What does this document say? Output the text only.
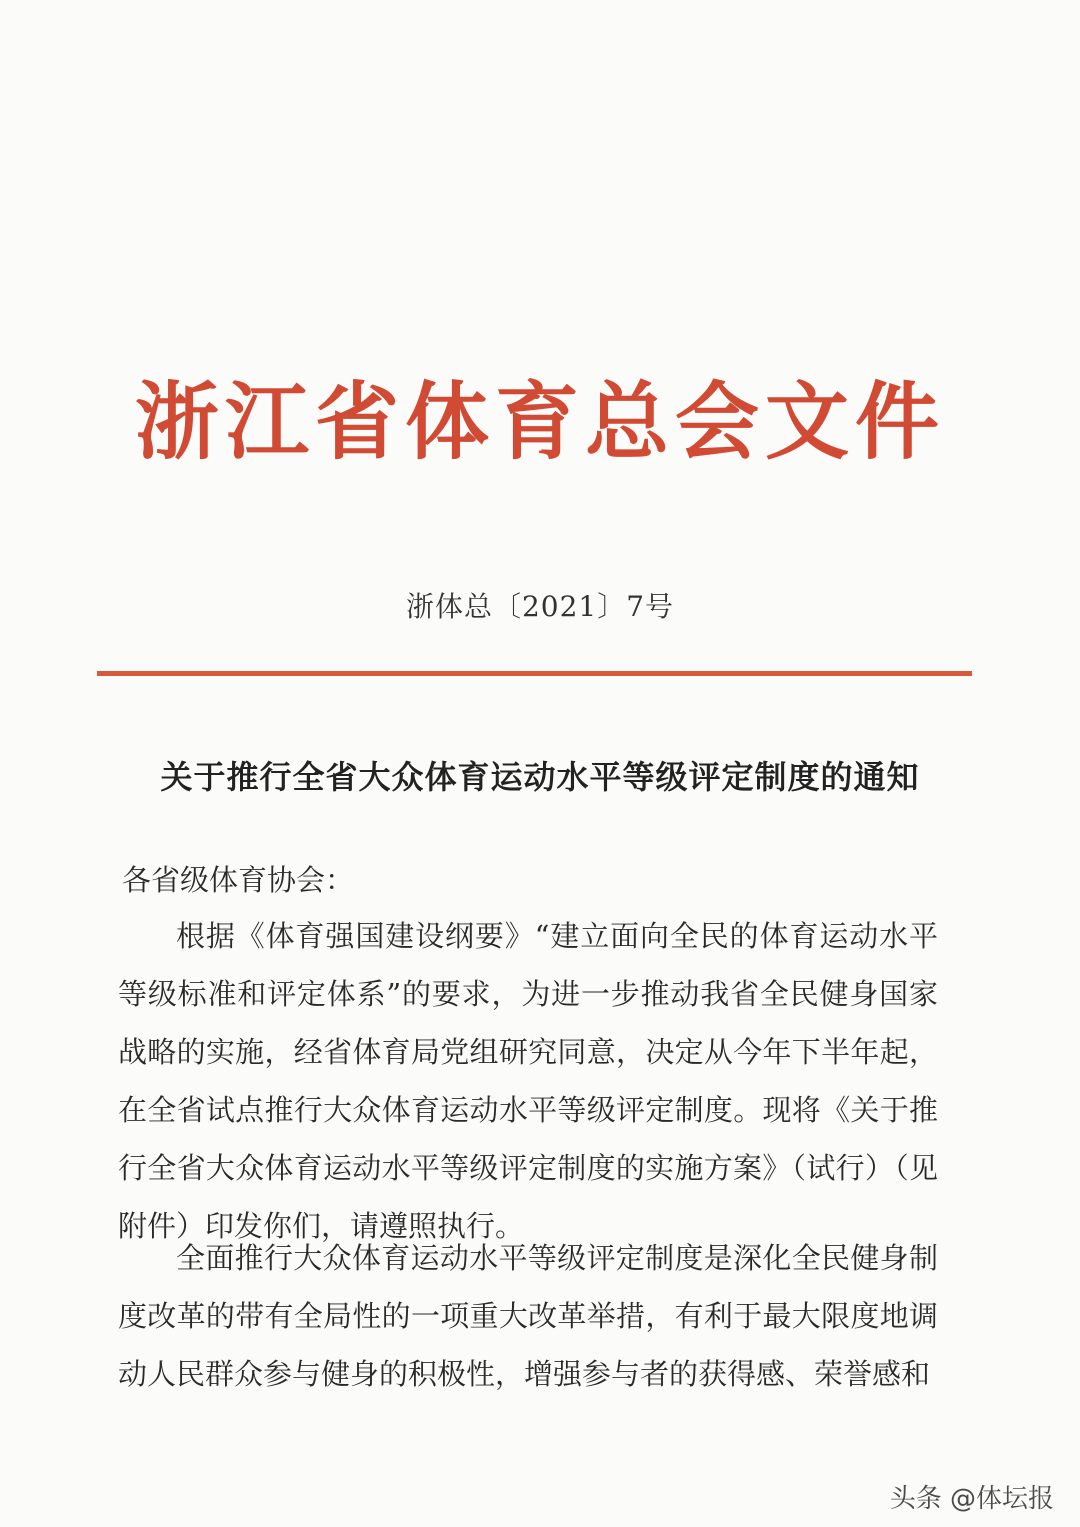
浙江省体育总会文件
浙体总〔2021〕7号
关于推行全省大众体育运动水平等级评定制度的通知
各省级体育协会：

根据《体育强国建设纲要》“建立面向全民的体育运动水平等级标准和评定体系”的要求，为进一步推动我省全民健身国家战略的实施，经省体育局党组研究同意，决定从今年下半年起，在全省试点推行大众体育运动水平等级评定制度。现将《关于推行全省大众体育运动水平等级评定制度的实施方案》（试行）（见附件）印发你们，请遵照执行。

全面推行大众体育运动水平等级评定制度是深化全民健身制度改革的带有全局性的一项重大改革举措，有利于最大限度地调动人民群众参与健身的积极性，增强参与者的获得感、荣誉感和

头条 @体坛报
